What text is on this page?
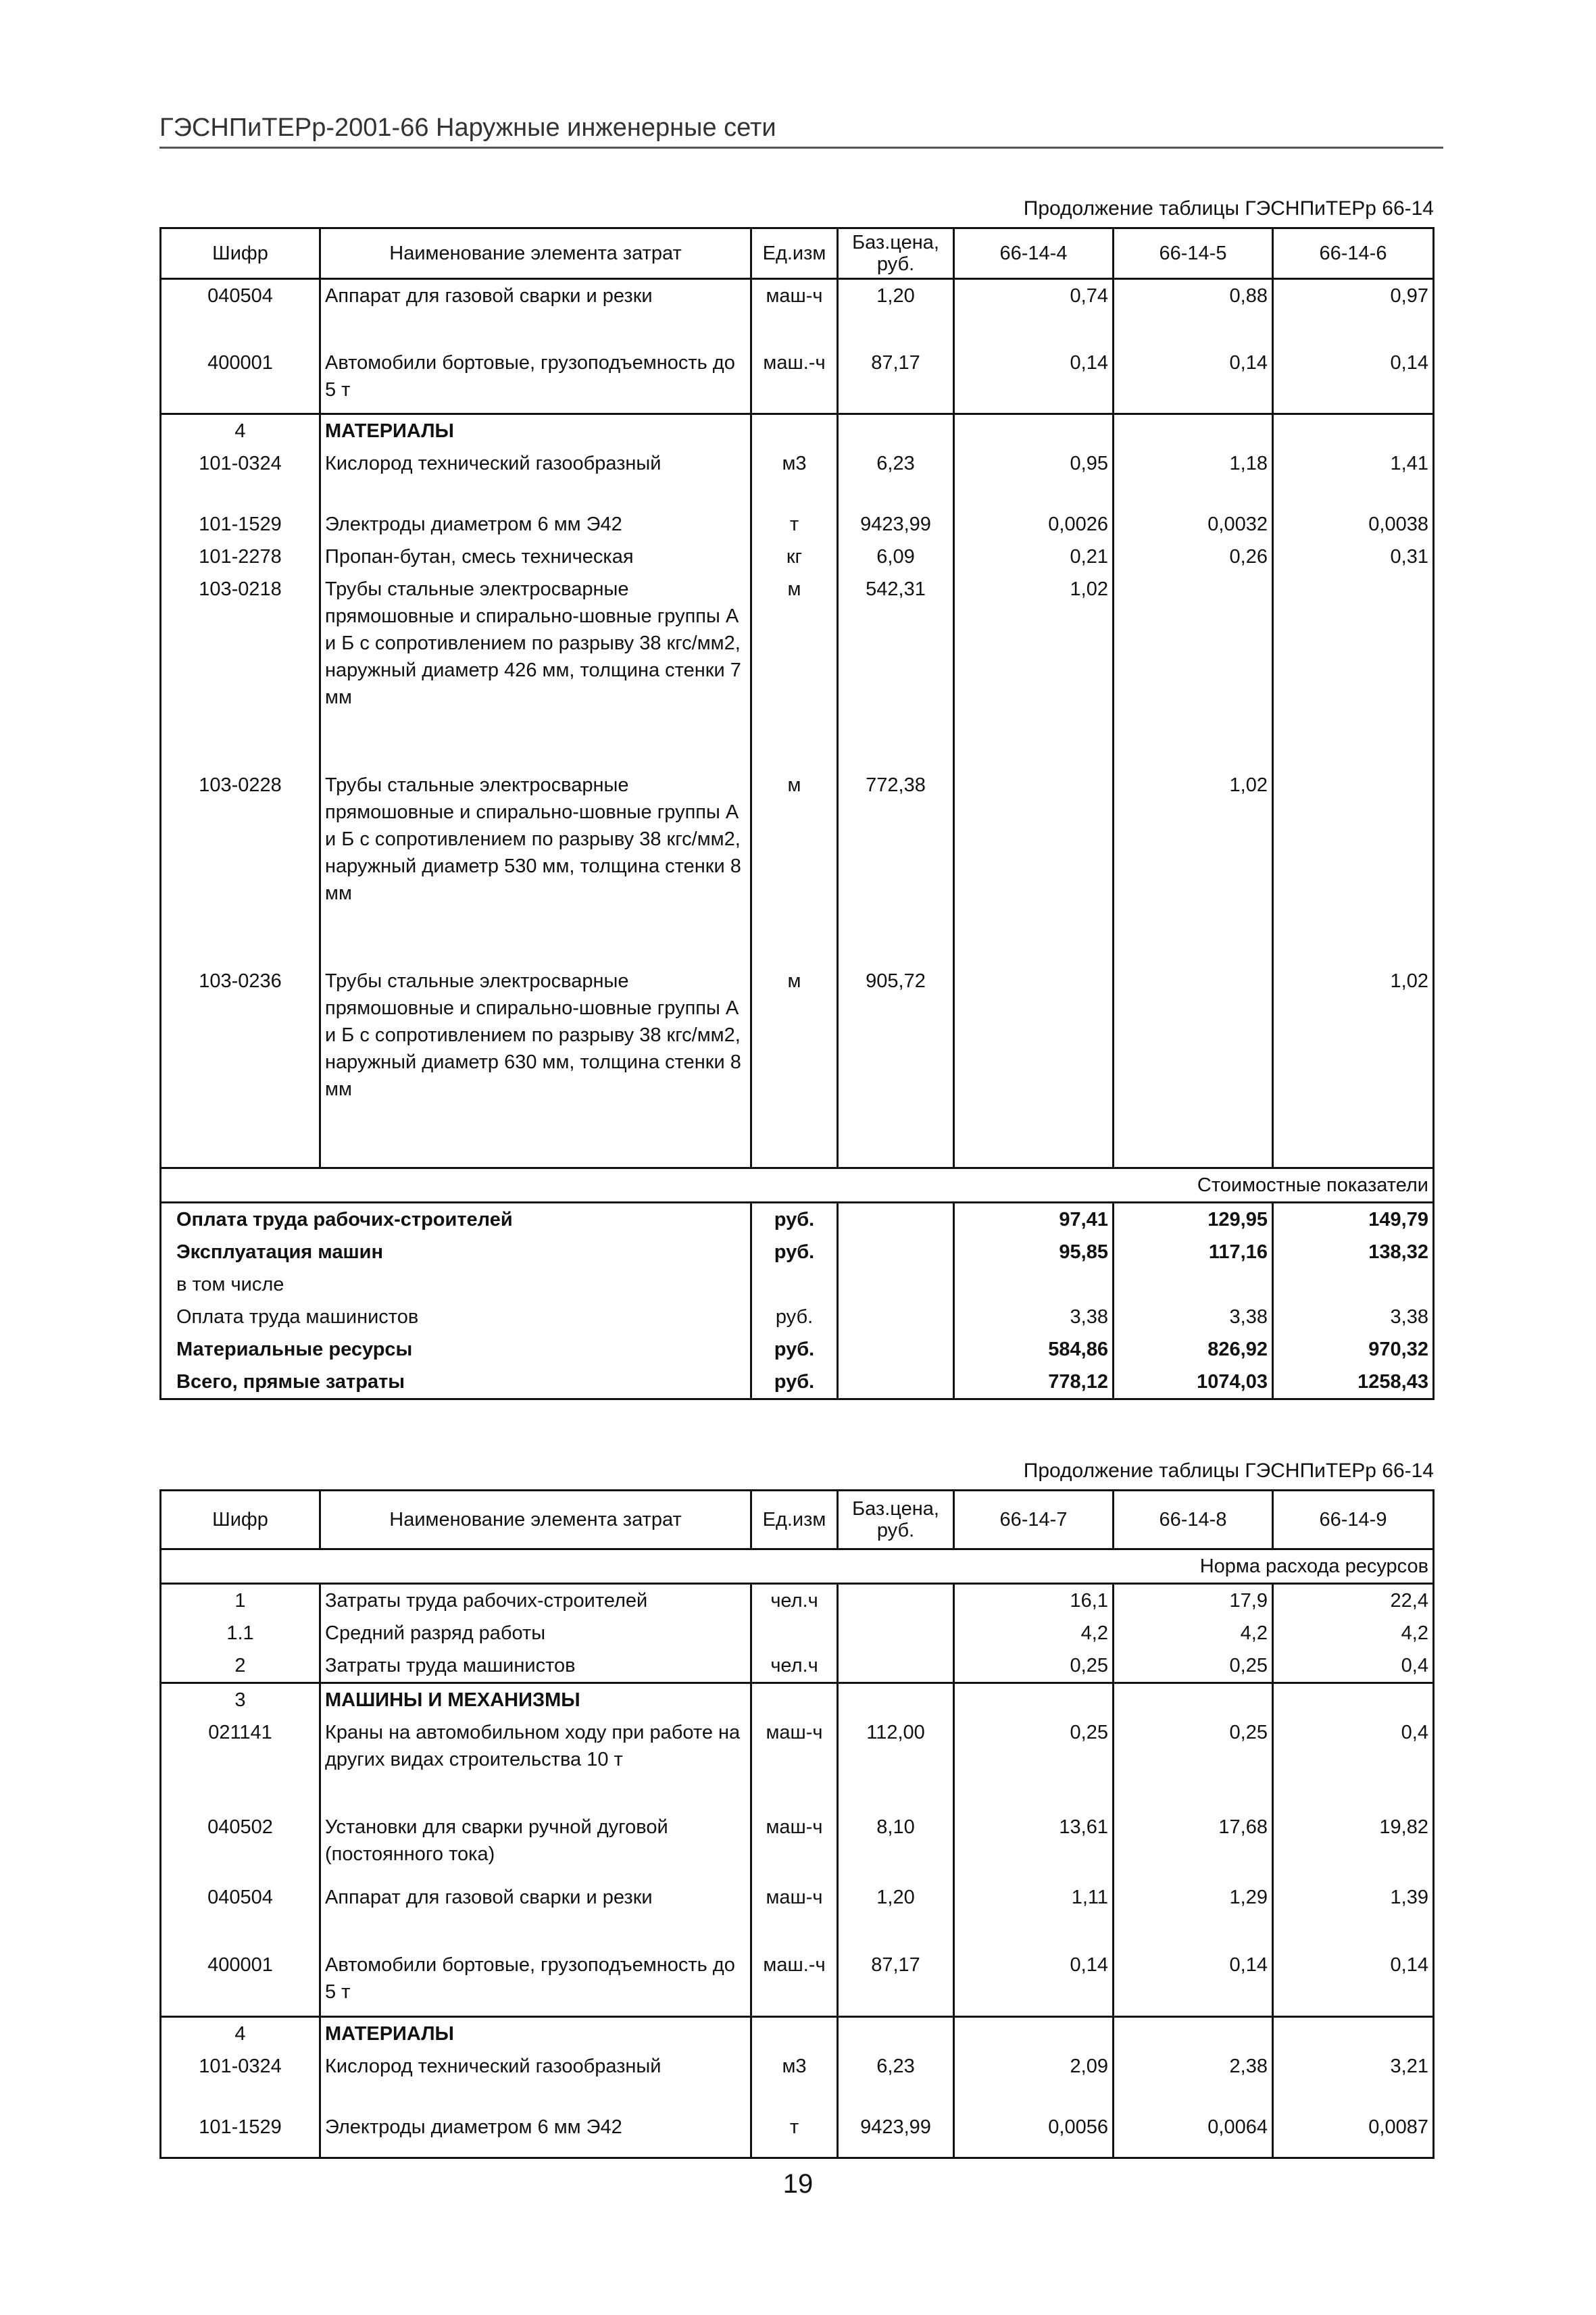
ГЭСНПиТЕРр-2001-66 Наружные инженерные сети
Продолжение таблицы ГЭСНПиТЕРр 66-14
Шифр	Наименование элемента затрат	Ед.изм	Баз.цена, руб.	66-14-4	66-14-5	66-14-6
040504	Аппарат для газовой сварки и резки	маш-ч	1,20	0,74	0,88	0,97
400001	Автомобили бортовые, грузоподъемность до 5 т	маш.-ч	87,17	0,14	0,14	0,14
4	МАТЕРИАЛЫ					
101-0324	Кислород технический газообразный	м3	6,23	0,95	1,18	1,41
101-1529	Электроды диаметром 6 мм Э42	т	9423,99	0,0026	0,0032	0,0038
101-2278	Пропан-бутан, смесь техническая	кг	6,09	0,21	0,26	0,31
103-0218	Трубы стальные электросварные прямошовные и спирально-шовные группы А и Б с сопротивлением по разрыву 38 кгс/мм2, наружный диаметр 426 мм, толщина стенки 7 мм	м	542,31	1,02		
103-0228	Трубы стальные электросварные прямошовные и спирально-шовные группы А и Б с сопротивлением по разрыву 38 кгс/мм2, наружный диаметр 530 мм, толщина стенки 8 мм	м	772,38		1,02	
103-0236	Трубы стальные электросварные прямошовные и спирально-шовные группы А и Б с сопротивлением по разрыву 38 кгс/мм2, наружный диаметр 630 мм, толщина стенки 8 мм	м	905,72			1,02
Стоимостные показатели						
Оплата труда рабочих-строителей		руб.		97,41	129,95	149,79
Эксплуатация машин		руб.		95,85	117,16	138,32
в том числе						
Оплата труда машинистов		руб.		3,38	3,38	3,38
Материальные ресурсы		руб.		584,86	826,92	970,32
Всего, прямые затраты		руб.		778,12	1074,03	1258,43
Продолжение таблицы ГЭСНПиТЕРр 66-14
Шифр	Наименование элемента затрат	Ед.изм	Баз.цена, руб.	66-14-7	66-14-8	66-14-9
Норма расхода ресурсов						
1	Затраты труда рабочих-строителей	чел.ч		16,1	17,9	22,4
1.1	Средний разряд работы			4,2	4,2	4,2
2	Затраты труда машинистов	чел.ч		0,25	0,25	0,4
3	МАШИНЫ И МЕХАНИЗМЫ					
021141	Краны на автомобильном ходу при работе на других видах строительства 10 т	маш-ч	112,00	0,25	0,25	0,4
040502	Установки для сварки ручной дуговой (постоянного тока)	маш-ч	8,10	13,61	17,68	19,82
040504	Аппарат для газовой сварки и резки	маш-ч	1,20	1,11	1,29	1,39
400001	Автомобили бортовые, грузоподъемность до 5 т	маш.-ч	87,17	0,14	0,14	0,14
4	МАТЕРИАЛЫ					
101-0324	Кислород технический газообразный	м3	6,23	2,09	2,38	3,21
101-1529	Электроды диаметром 6 мм Э42	т	9423,99	0,0056	0,0064	0,0087
19
